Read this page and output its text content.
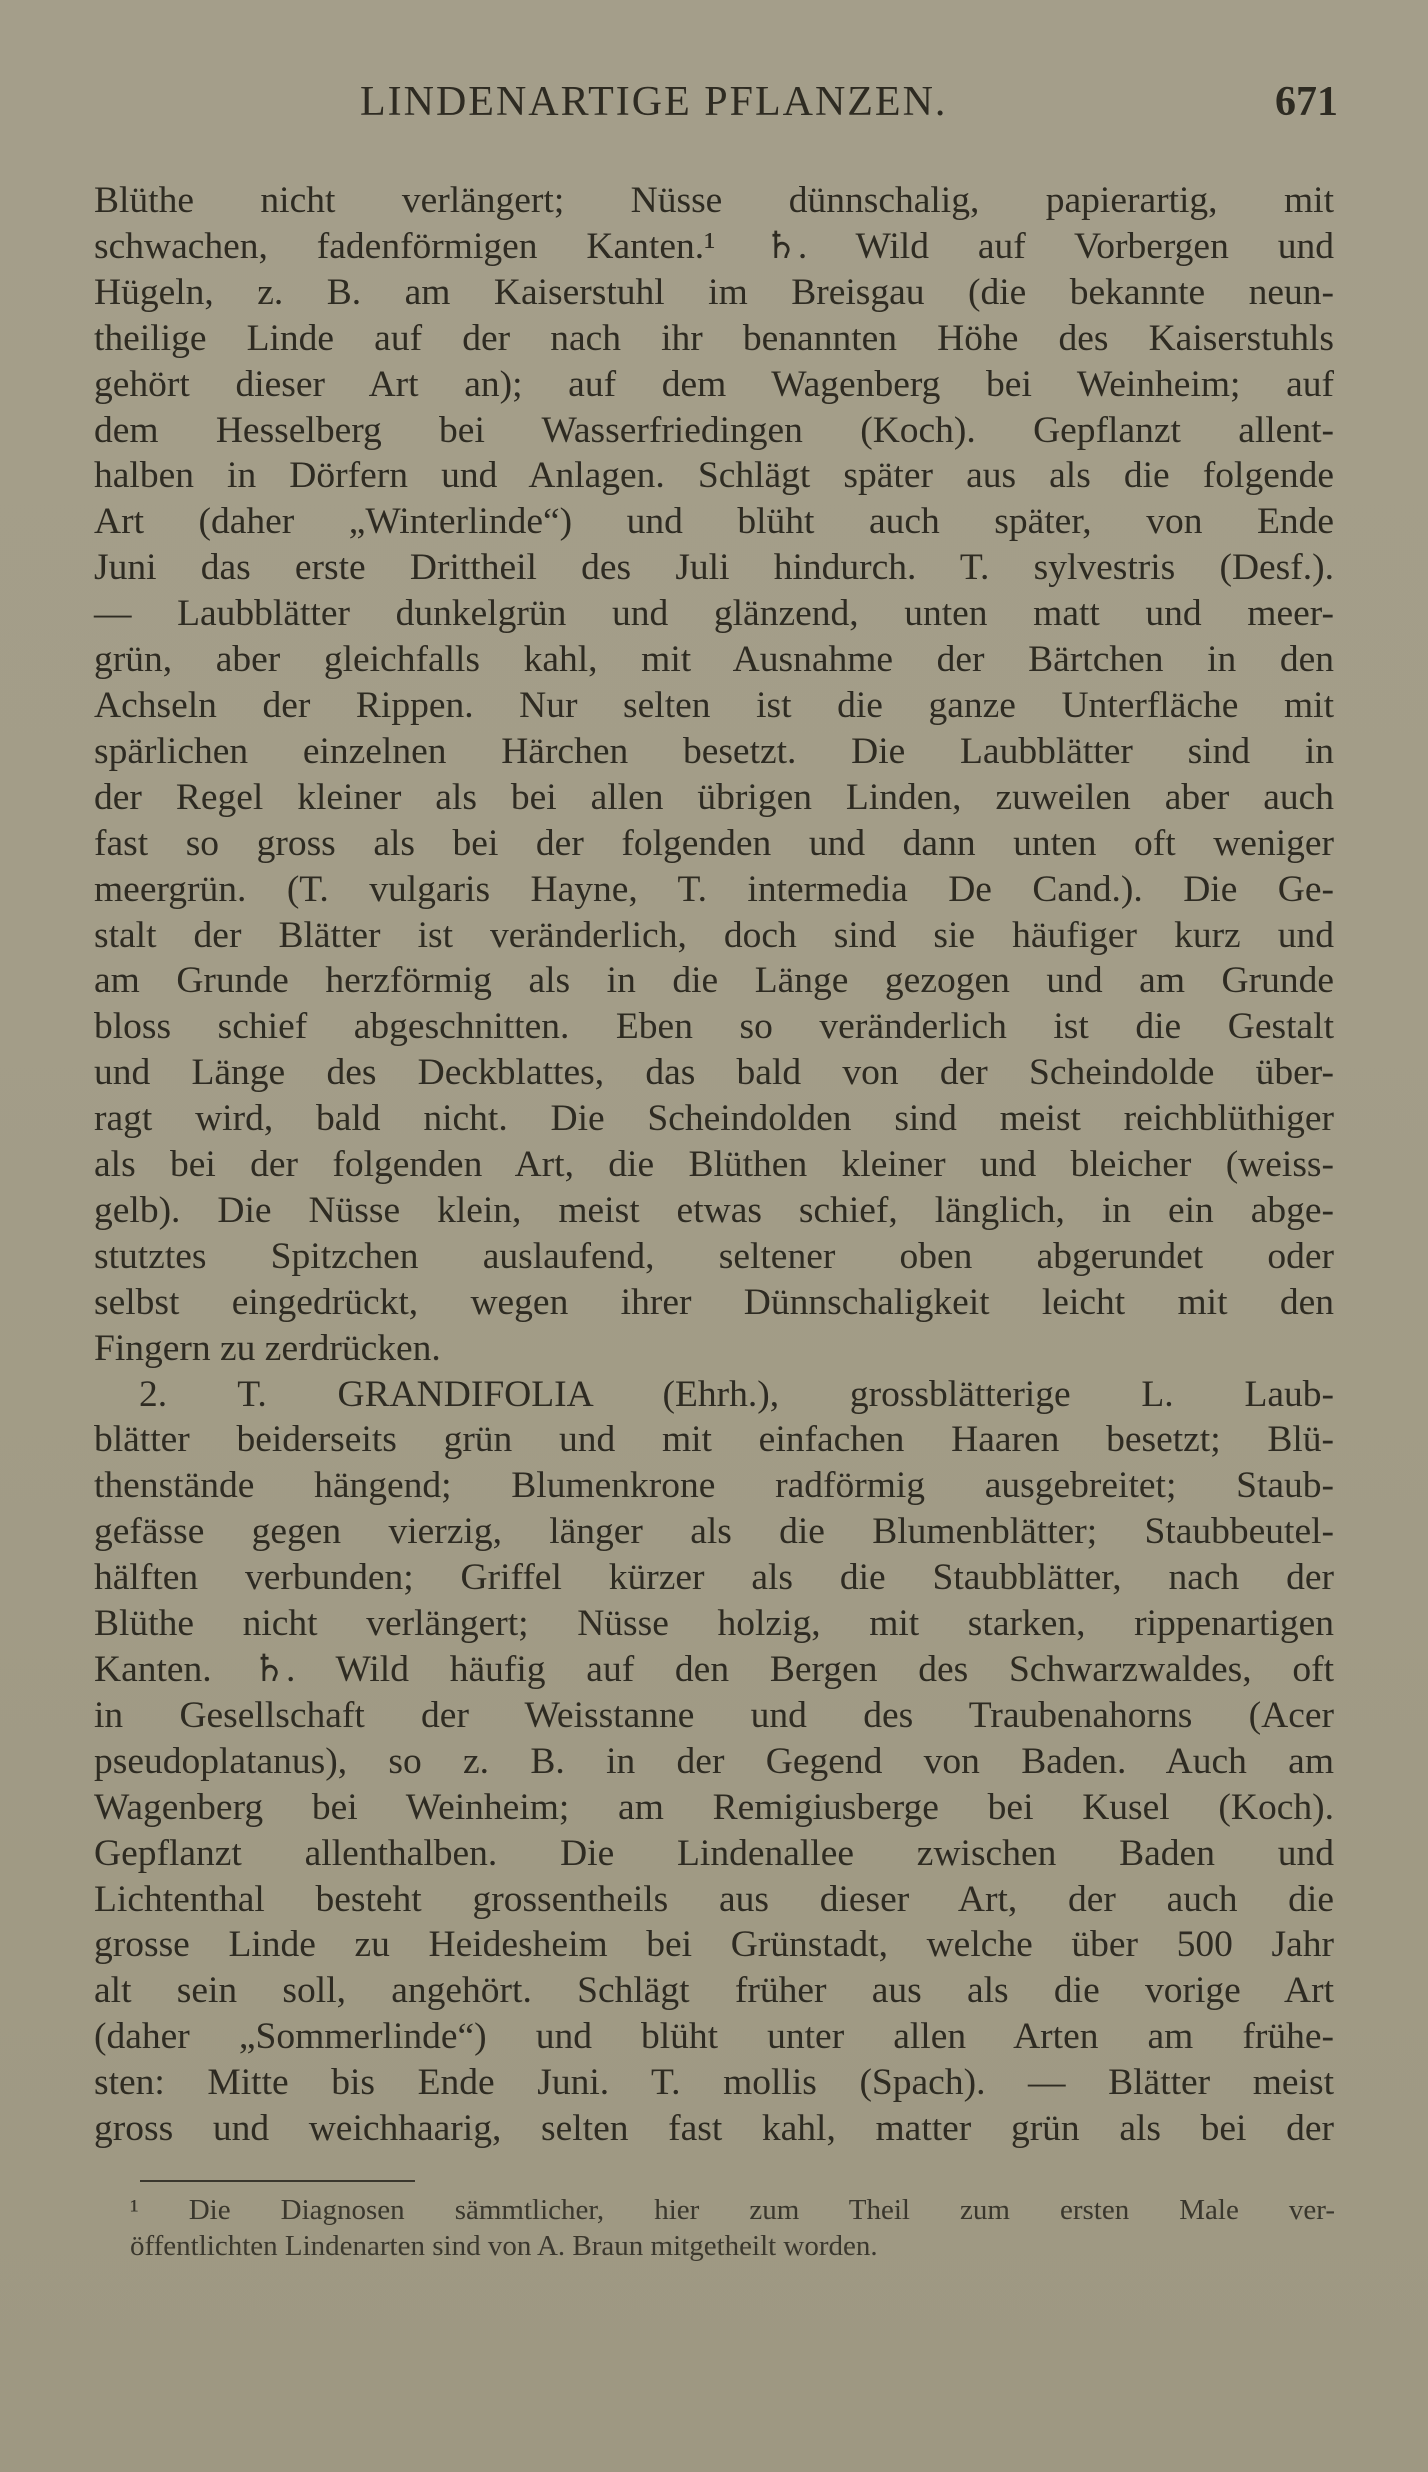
LINDENARTIGE PFLANZEN.	671
Blüthe nicht verlängert; Nüsse dünnschalig, papierartig, mit
schwachen, fadenförmigen Kanten.¹ ♄. Wild auf Vorbergen und
Hügeln, z. B. am Kaiserstuhl im Breisgau (die bekannte neun-
theilige Linde auf der nach ihr benannten Höhe des Kaiserstuhls
gehört dieser Art an); auf dem Wagenberg bei Weinheim; auf
dem Hesselberg bei Wasserfriedingen (Koch). Gepflanzt allent-
halben in Dörfern und Anlagen. Schlägt später aus als die folgende
Art (daher „Winterlinde“) und blüht auch später, von Ende
Juni das erste Drittheil des Juli hindurch. T. sylvestris (Desf.).
— Laubblätter dunkelgrün und glänzend, unten matt und meer-
grün, aber gleichfalls kahl, mit Ausnahme der Bärtchen in den
Achseln der Rippen. Nur selten ist die ganze Unterfläche mit
spärlichen einzelnen Härchen besetzt. Die Laubblätter sind in
der Regel kleiner als bei allen übrigen Linden, zuweilen aber auch
fast so gross als bei der folgenden und dann unten oft weniger
meergrün. (T. vulgaris Hayne, T. intermedia De Cand.). Die Ge-
stalt der Blätter ist veränderlich, doch sind sie häufiger kurz und
am Grunde herzförmig als in die Länge gezogen und am Grunde
bloss schief abgeschnitten. Eben so veränderlich ist die Gestalt
und Länge des Deckblattes, das bald von der Scheindolde über-
ragt wird, bald nicht. Die Scheindolden sind meist reichblüthiger
als bei der folgenden Art, die Blüthen kleiner und bleicher (weiss-
gelb). Die Nüsse klein, meist etwas schief, länglich, in ein abge-
stutztes Spitzchen auslaufend, seltener oben abgerundet oder
selbst eingedrückt, wegen ihrer Dünnschaligkeit leicht mit den
Fingern zu zerdrücken.
2. T. GRANDIFOLIA (Ehrh.), grossblätterige L. Laub-
blätter beiderseits grün und mit einfachen Haaren besetzt; Blü-
thenstände hängend; Blumenkrone radförmig ausgebreitet; Staub-
gefässe gegen vierzig, länger als die Blumenblätter; Staubbeutel-
hälften verbunden; Griffel kürzer als die Staubblätter, nach der
Blüthe nicht verlängert; Nüsse holzig, mit starken, rippenartigen
Kanten. ♄. Wild häufig auf den Bergen des Schwarzwaldes, oft
in Gesellschaft der Weisstanne und des Traubenahorns (Acer
pseudoplatanus), so z. B. in der Gegend von Baden. Auch am
Wagenberg bei Weinheim; am Remigiusberge bei Kusel (Koch).
Gepflanzt allenthalben. Die Lindenallee zwischen Baden und
Lichtenthal besteht grossentheils aus dieser Art, der auch die
grosse Linde zu Heidesheim bei Grünstadt, welche über 500 Jahr
alt sein soll, angehört. Schlägt früher aus als die vorige Art
(daher „Sommerlinde“) und blüht unter allen Arten am frühe-
sten: Mitte bis Ende Juni. T. mollis (Spach). — Blätter meist
gross und weichhaarig, selten fast kahl, matter grün als bei der
¹ Die Diagnosen sämmtlicher, hier zum Theil zum ersten Male ver-
öffentlichten Lindenarten sind von A. Braun mitgetheilt worden.
